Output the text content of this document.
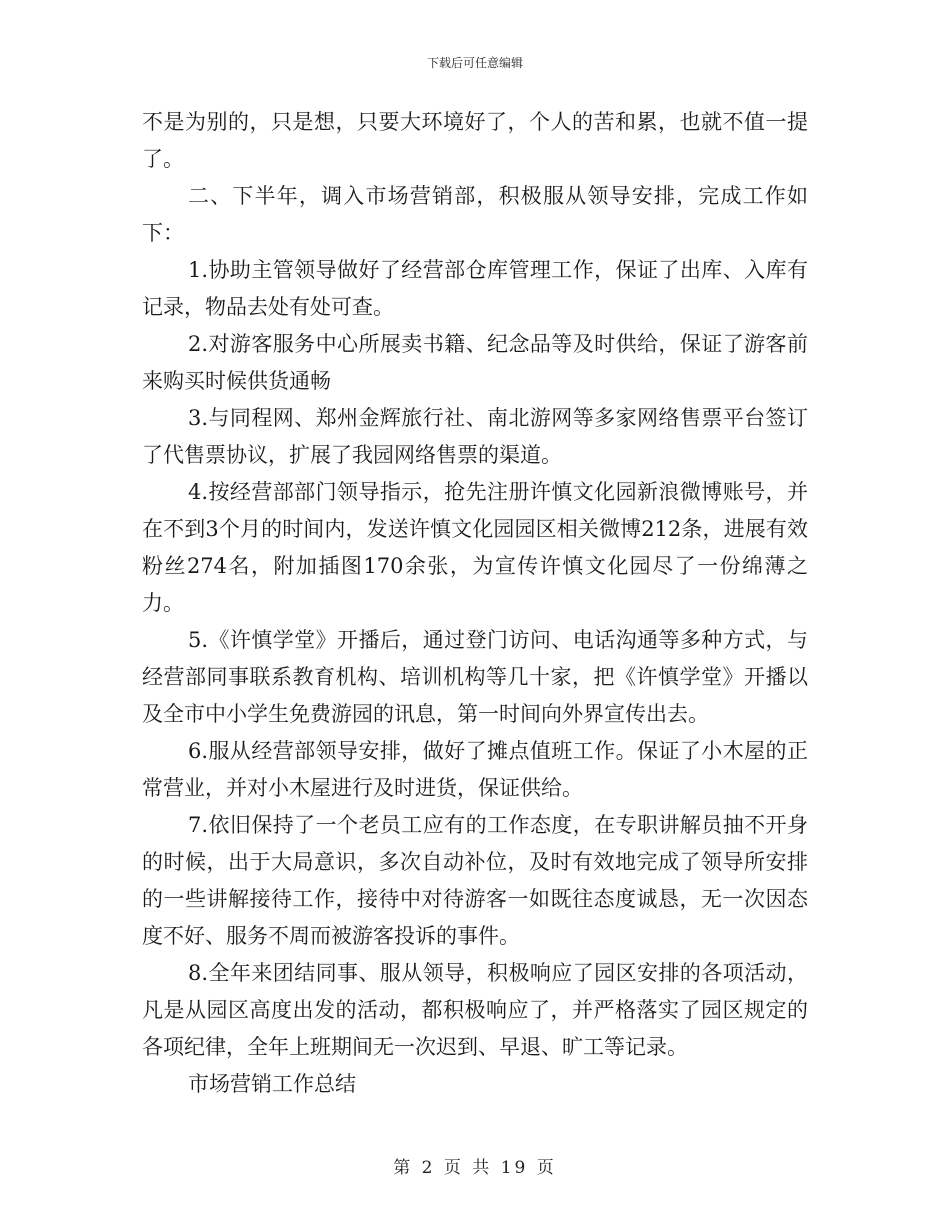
下载后可任意编辑

不是为别的，只是想，只要大环境好了，个人的苦和累，也就不值一提了。

二、下半年，调入市场营销部，积极服从领导安排，完成工作如下：

1.协助主管领导做好了经营部仓库管理工作，保证了出库、入库有记录，物品去处有处可查。

2.对游客服务中心所展卖书籍、纪念品等及时供给，保证了游客前来购买时候供货通畅

3.与同程网、郑州金辉旅行社、南北游网等多家网络售票平台签订了代售票协议，扩展了我园网络售票的渠道。

4.按经营部部门领导指示，抢先注册许慎文化园新浪微博账号，并在不到3个月的时间内，发送许慎文化园园区相关微博212条，进展有效粉丝274名，附加插图170余张，为宣传许慎文化园尽了一份绵薄之力。

5.《许慎学堂》开播后，通过登门访问、电话沟通等多种方式，与经营部同事联系教育机构、培训机构等几十家，把《许慎学堂》开播以及全市中小学生免费游园的讯息，第一时间向外界宣传出去。

6.服从经营部领导安排，做好了摊点值班工作。保证了小木屋的正常营业，并对小木屋进行及时进货，保证供给。

7.依旧保持了一个老员工应有的工作态度，在专职讲解员抽不开身的时候，出于大局意识，多次自动补位，及时有效地完成了领导所安排的一些讲解接待工作，接待中对待游客一如既往态度诚恳，无一次因态度不好、服务不周而被游客投诉的事件。

8.全年来团结同事、服从领导，积极响应了园区安排的各项活动，凡是从园区高度出发的活动，都积极响应了，并严格落实了园区规定的各项纪律，全年上班期间无一次迟到、早退、旷工等记录。

市场营销工作总结

第 2 页 共 19 页
